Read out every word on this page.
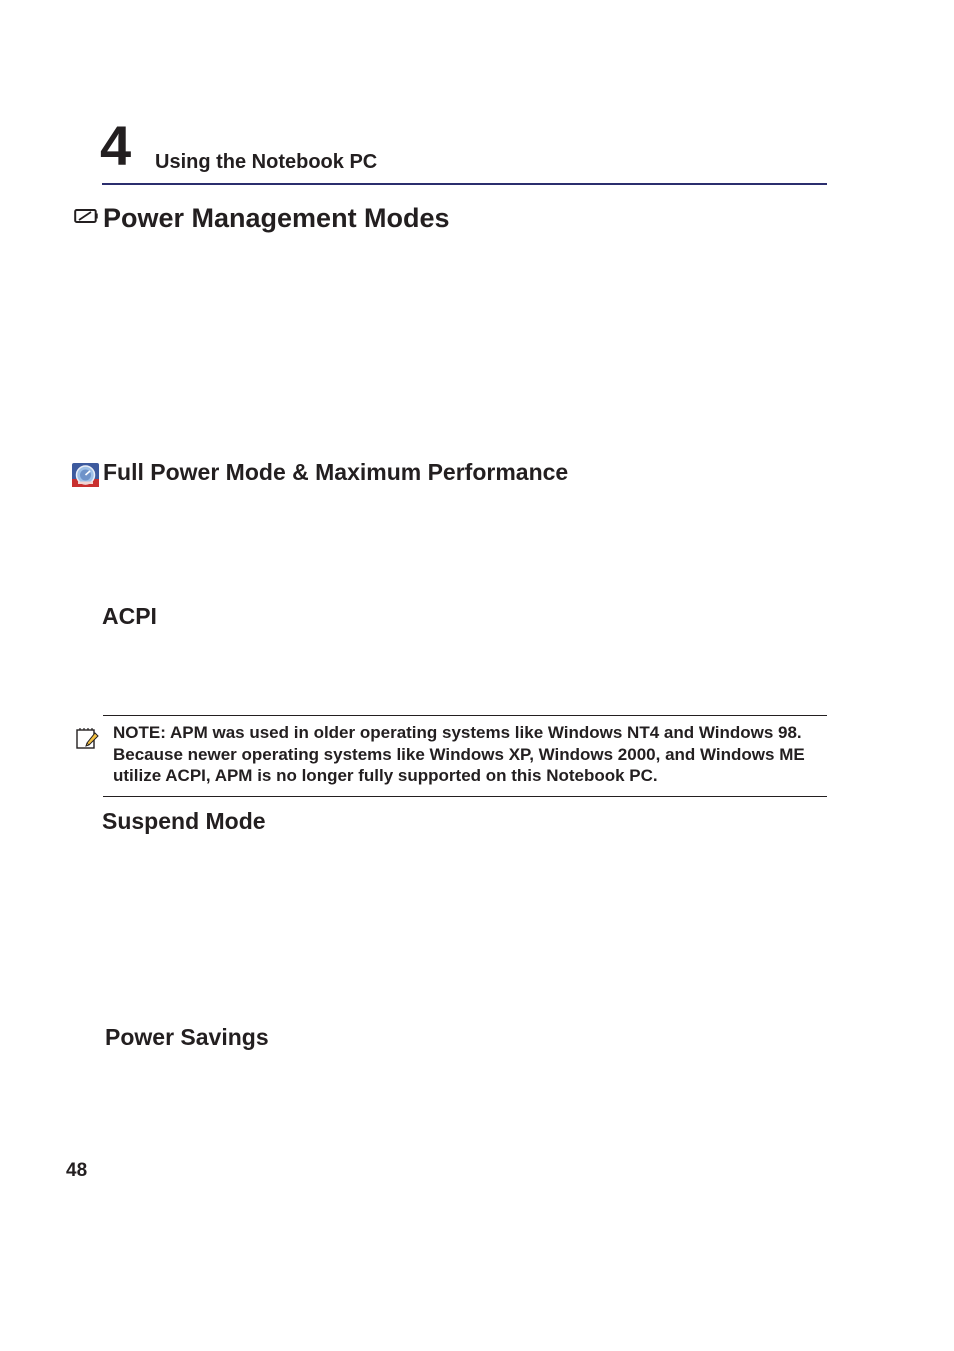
4 Using the Notebook PC
Power Management Modes
Full Power Mode & Maximum Performance
ACPI
NOTE: APM was used in older operating systems like Windows NT4 and Windows 98. Because newer operating systems like Windows XP, Windows 2000, and Windows ME utilize ACPI, APM is no longer fully supported on this Notebook PC.
Suspend Mode
Power Savings
48
